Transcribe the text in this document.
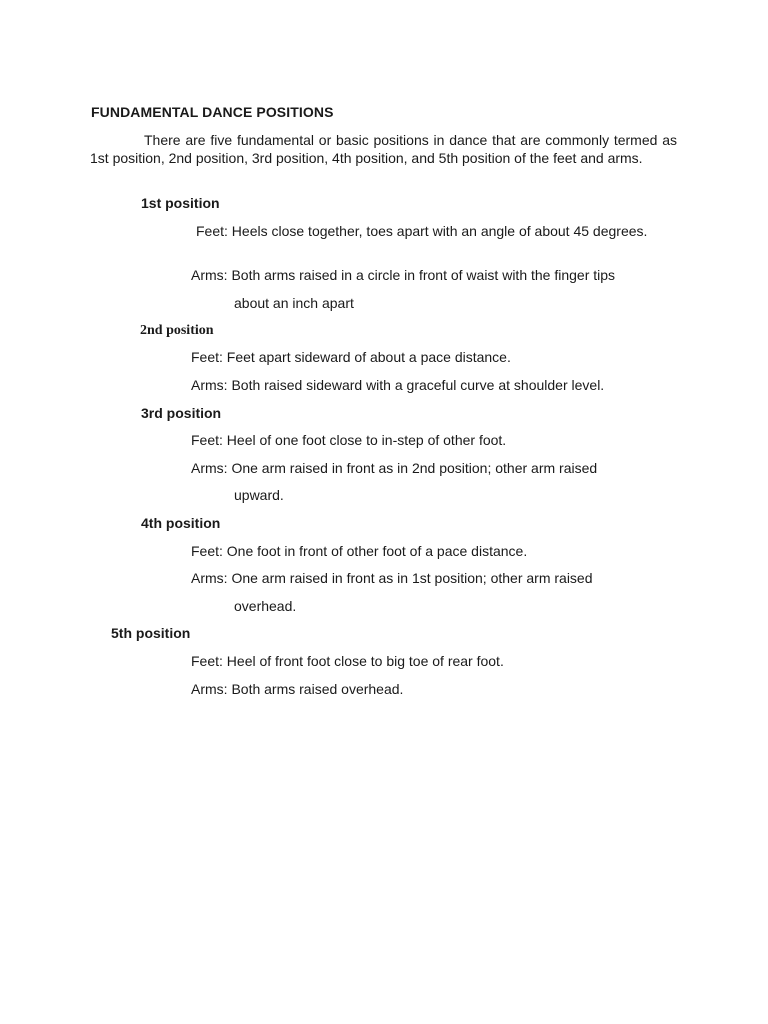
FUNDAMENTAL DANCE POSITIONS
There are five fundamental or basic positions in dance that are commonly termed as 1st position, 2nd position, 3rd position, 4th position, and 5th position of the feet and arms.
1st position
Feet: Heels close together, toes apart with an angle of about 45 degrees.
Arms: Both arms raised in a circle in front of waist with the finger tips
about an inch apart
2nd position
Feet: Feet apart sideward of about a pace distance.
Arms: Both raised sideward with a graceful curve at shoulder level.
3rd position
Feet: Heel of one foot close to in-step of other foot.
Arms: One arm raised in front as in 2nd position; other arm raised
upward.
4th position
Feet: One foot in front of other foot of a pace distance.
Arms: One arm raised in front as in 1st position; other arm raised
overhead.
5th position
Feet: Heel of front foot close to big toe of rear foot.
Arms: Both arms raised overhead.
